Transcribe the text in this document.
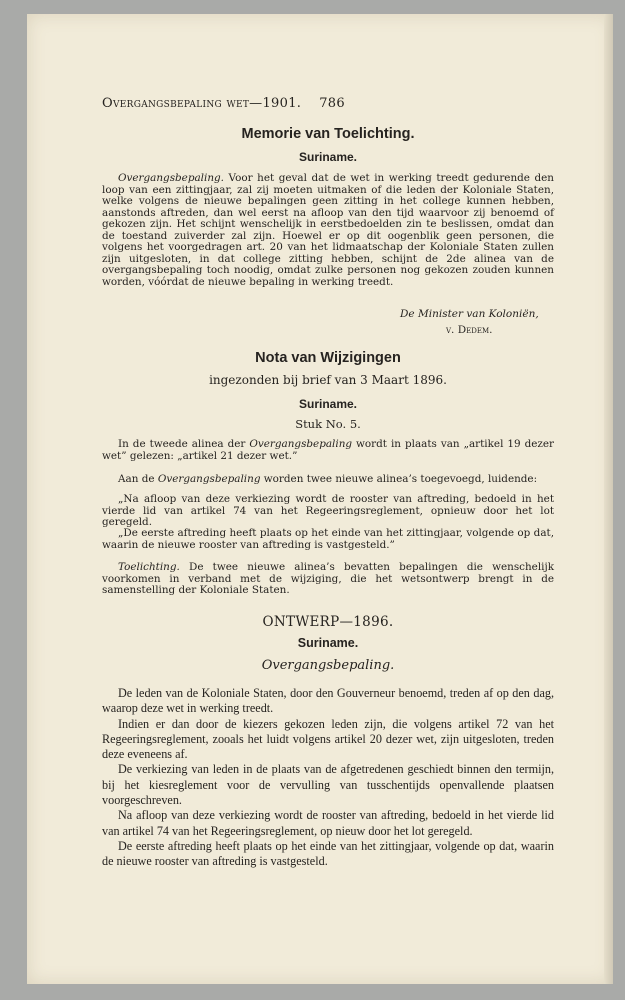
Overgangsbepaling wet—1901. 786
Memorie van Toelichting.
Suriname.

Overgangsbepaling. Voor het geval dat de wet in werking treedt gedurende den loop van een zittingjaar, zal zij moeten uitmaken of die leden der Koloniale Staten, welke volgens de nieuwe bepalingen geen zitting in het college kunnen hebben, aanstonds aftreden, dan wel eerst na afloop van den tijd waarvoor zij benoemd of gekozen zijn. Het schijnt wenschelijk in eerstbedoelden zin te beslissen, omdat dan de toestand zuiverder zal zijn. Hoewel er op dit oogenblik geen personen, die volgens het voorgedragen art. 20 van het lidmaatschap der Koloniale Staten zullen zijn uitgesloten, in dat college zitting hebben, schijnt de 2de alinea van de overgangsbepaling toch noodig, omdat zulke personen nog gekozen zouden kunnen worden, vóórdat de nieuwe bepaling in werking treedt.

De Minister van Koloniën,
v. Dedem.
Nota van Wijzigingen
ingezonden bij brief van 3 Maart 1896.
Suriname.
Stuk No. 5.

In de tweede alinea der Overgangsbepaling wordt in plaats van „artikel 19 dezer wet” gelezen: „artikel 21 dezer wet.”

Aan de Overgangsbepaling worden twee nieuwe alinea’s toegevoegd, luidende:

„Na afloop van deze verkiezing wordt de rooster van aftreding, bedoeld in het vierde lid van artikel 74 van het Regeeringsreglement, opnieuw door het lot geregeld.

„De eerste aftreding heeft plaats op het einde van het zittingjaar, volgende op dat, waarin de nieuwe rooster van aftreding is vastgesteld.”

Toelichting. De twee nieuwe alinea’s bevatten bepalingen die wenschelijk voorkomen in verband met de wijziging, die het wetsontwerp brengt in de samenstelling der Koloniale Staten.

ONTWERP—1896.
Suriname.
Overgangsbepaling.

De leden van de Koloniale Staten, door den Gouverneur benoemd, treden af op den dag, waarop deze wet in werking treedt.

Indien er dan door de kiezers gekozen leden zijn, die volgens artikel 72 van het Regeeringsreglement, zooals het luidt volgens artikel 20 dezer wet, zijn uitgesloten, treden deze eveneens af.

De verkiezing van leden in de plaats van de afgetredenen geschiedt binnen den termijn, bij het kiesreglement voor de vervulling van tusschentijds openvallende plaatsen voorgeschreven.

Na afloop van deze verkiezing wordt de rooster van aftreding, bedoeld in het vierde lid van artikel 74 van het Regeeringsreglement, op nieuw door het lot geregeld.

De eerste aftreding heeft plaats op het einde van het zittingjaar, volgende op dat, waarin de nieuwe rooster van aftreding is vastgesteld.
